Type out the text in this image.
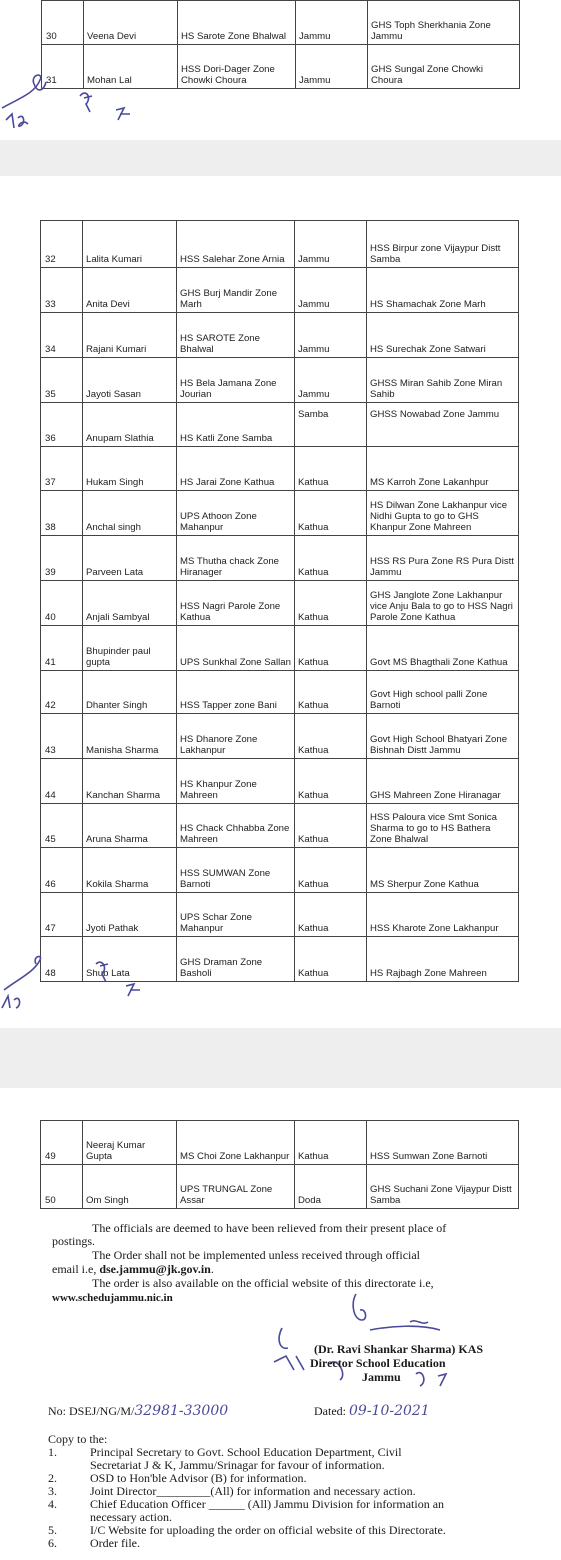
30	Veena Devi	HS Sarote Zone Bhalwal	Jammu	GHS Toph Sherkhania Zone Jammu
31	Mohan Lal	HSS Dori-Dager Zone Chowki Choura	Jammu	GHS Sungal Zone Chowki Choura
32	Lalita Kumari	HSS Salehar Zone Arnia	Jammu	HSS Birpur zone Vijaypur Distt Samba
33	Anita Devi	GHS Burj Mandir Zone Marh	Jammu	HS Shamachak Zone Marh
34	Rajani Kumari	HS SAROTE Zone Bhalwal	Jammu	HS Surechak Zone Satwari
35	Jayoti Sasan	HS Bela Jamana Zone Jourian	Jammu	GHSS Miran Sahib Zone Miran Sahib
36	Anupam Slathia	HS Katli Zone Samba	Samba	GHSS Nowabad Zone Jammu
37	Hukam Singh	HS Jarai Zone Kathua	Kathua	MS Karroh Zone Lakanhpur
38	Anchal singh	UPS Athoon Zone Mahanpur	Kathua	HS Dilwan Zone Lakhanpur vice Nidhi Gupta to go to GHS Khanpur Zone Mahreen
39	Parveen Lata	MS Thutha chack Zone Hiranager	Kathua	HSS RS Pura Zone RS Pura Distt Jammu
40	Anjali Sambyal	HSS Nagri Parole Zone Kathua	Kathua	GHS Janglote Zone Lakhanpur vice Anju Bala to go to HSS Nagri Parole Zone Kathua
41	Bhupinder paul gupta	UPS Sunkhal Zone Sallan	Kathua	Govt MS Bhagthali Zone Kathua
42	Dhanter Singh	HSS Tapper zone Bani	Kathua	Govt High school palli Zone Barnoti
43	Manisha Sharma	HS Dhanore Zone Lakhanpur	Kathua	Govt High School Bhatyari Zone Bishnah Distt Jammu
44	Kanchan Sharma	HS Khanpur Zone Mahreen	Kathua	GHS Mahreen Zone Hiranagar
45	Aruna Sharma	HS Chack Chhabba Zone Mahreen	Kathua	HSS Paloura vice Smt Sonica Sharma to go to HS Bathera Zone Bhalwal
46	Kokila Sharma	HSS SUMWAN Zone Barnoti	Kathua	MS Sherpur Zone Kathua
47	Jyoti Pathak	UPS Schar Zone Mahanpur	Kathua	HSS Kharote Zone Lakhanpur
48	Shub Lata	GHS Draman Zone Basholi	Kathua	HS Rajbagh Zone Mahreen
49	Neeraj Kumar Gupta	MS Choi Zone Lakhanpur	Kathua	HSS Sumwan Zone Barnoti
50	Om Singh	UPS TRUNGAL Zone Assar	Doda	GHS Suchani Zone Vijaypur Distt Samba
The officials are deemed to have been relieved from their present place of
postings.
The Order shall not be implemented unless received through official
email i.e, dse.jammu@jk.gov.in.
The order is also available on the official website of this directorate i.e,
www.schedujammu.nic.in
(Dr. Ravi Shankar Sharma) KAS
Director School Education
Jammu
No: DSEJ/NG/M/32981-33000	Dated: 09-10-2021
Copy to the:
1.	Principal Secretary to Govt. School Education Department, Civil
Secretariat J & K, Jammu/Srinagar for favour of information.
2.	OSD to Hon'ble Advisor (B) for information.
3.	Joint Director_________(All) for information and necessary action.
4.	Chief Education Officer ______ (All) Jammu Division for information an
necessary action.
5.	I/C Website for uploading the order on official website of this Directorate.
6.	Order file.
